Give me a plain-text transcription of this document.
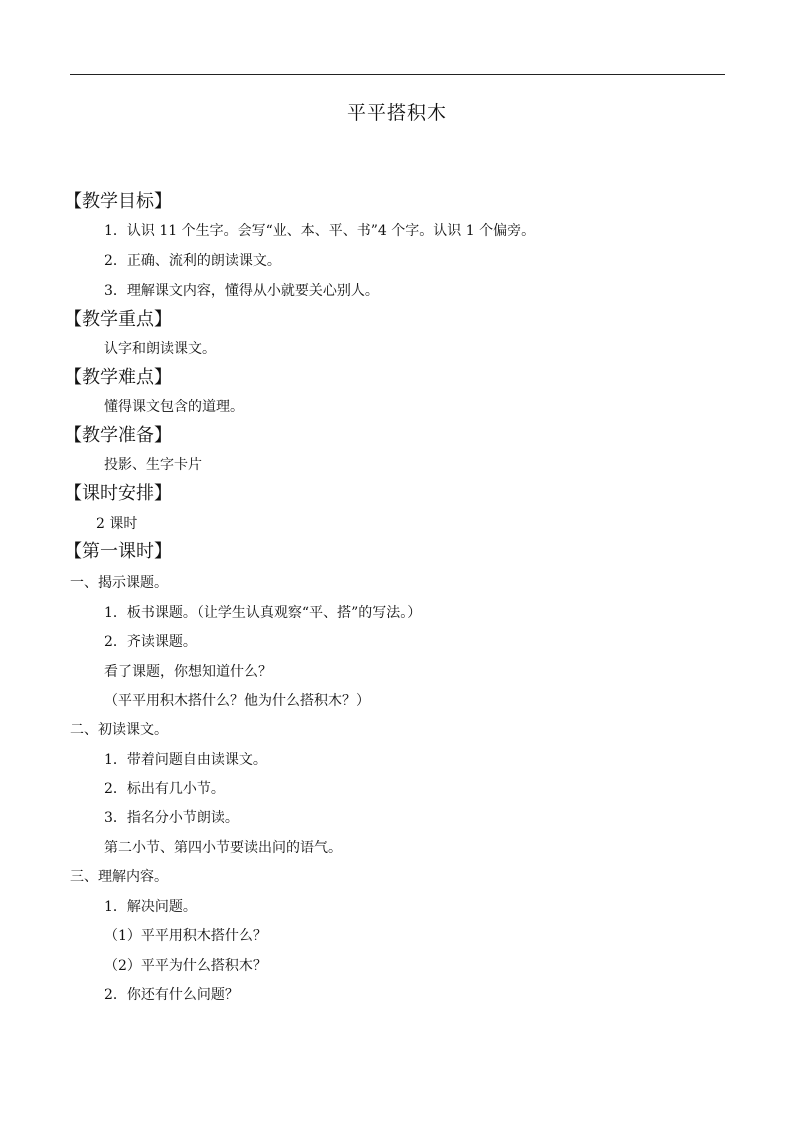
平平搭积木
【教学目标】
1．认识 11 个生字。会写“业、本、平、书”4 个字。认识 1 个偏旁。
2．正确、流利的朗读课文。
3．理解课文内容，懂得从小就要关心别人。
【教学重点】
认字和朗读课文。
【教学难点】
懂得课文包含的道理。
【教学准备】
投影、生字卡片
【课时安排】
2 课时
【第一课时】
一、揭示课题。
1．板书课题。（让学生认真观察“平、搭”的写法。）
2．齐读课题。
看了课题，你想知道什么？
（平平用积木搭什么？他为什么搭积木？）
二、初读课文。
1．带着问题自由读课文。
2．标出有几小节。
3．指名分小节朗读。
第二小节、第四小节要读出问的语气。
三、理解内容。
1．解决问题。
（1）平平用积木搭什么？
（2）平平为什么搭积木？
2．你还有什么问题？
